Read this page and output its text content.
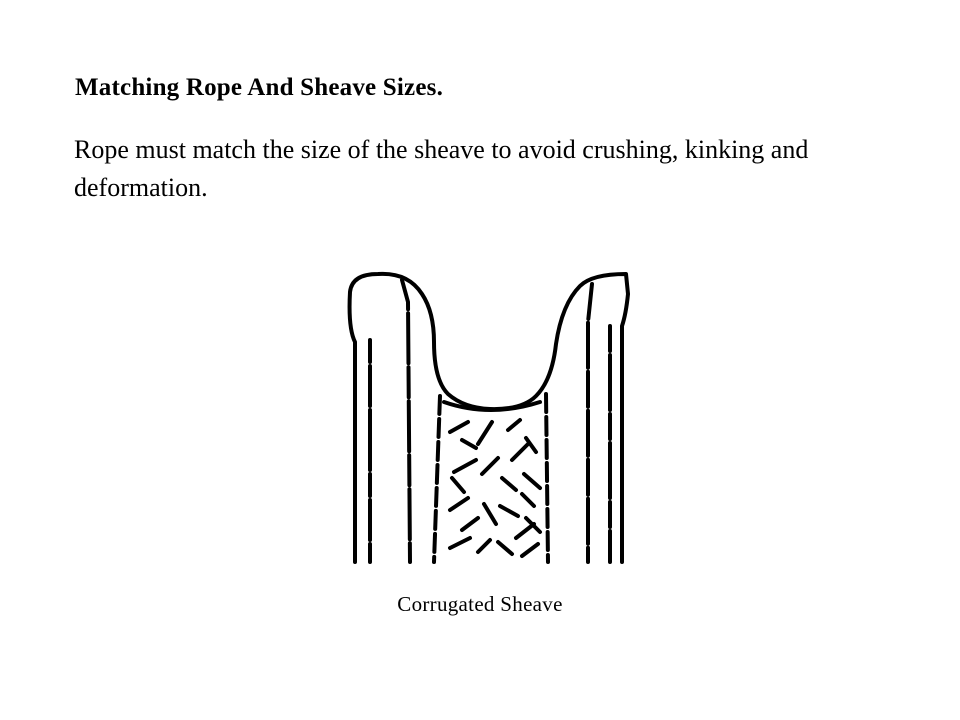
Matching Rope And Sheave Sizes.

Rope must match the size of the sheave to avoid crushing, kinking and deformation.

Corrugated Sheave
